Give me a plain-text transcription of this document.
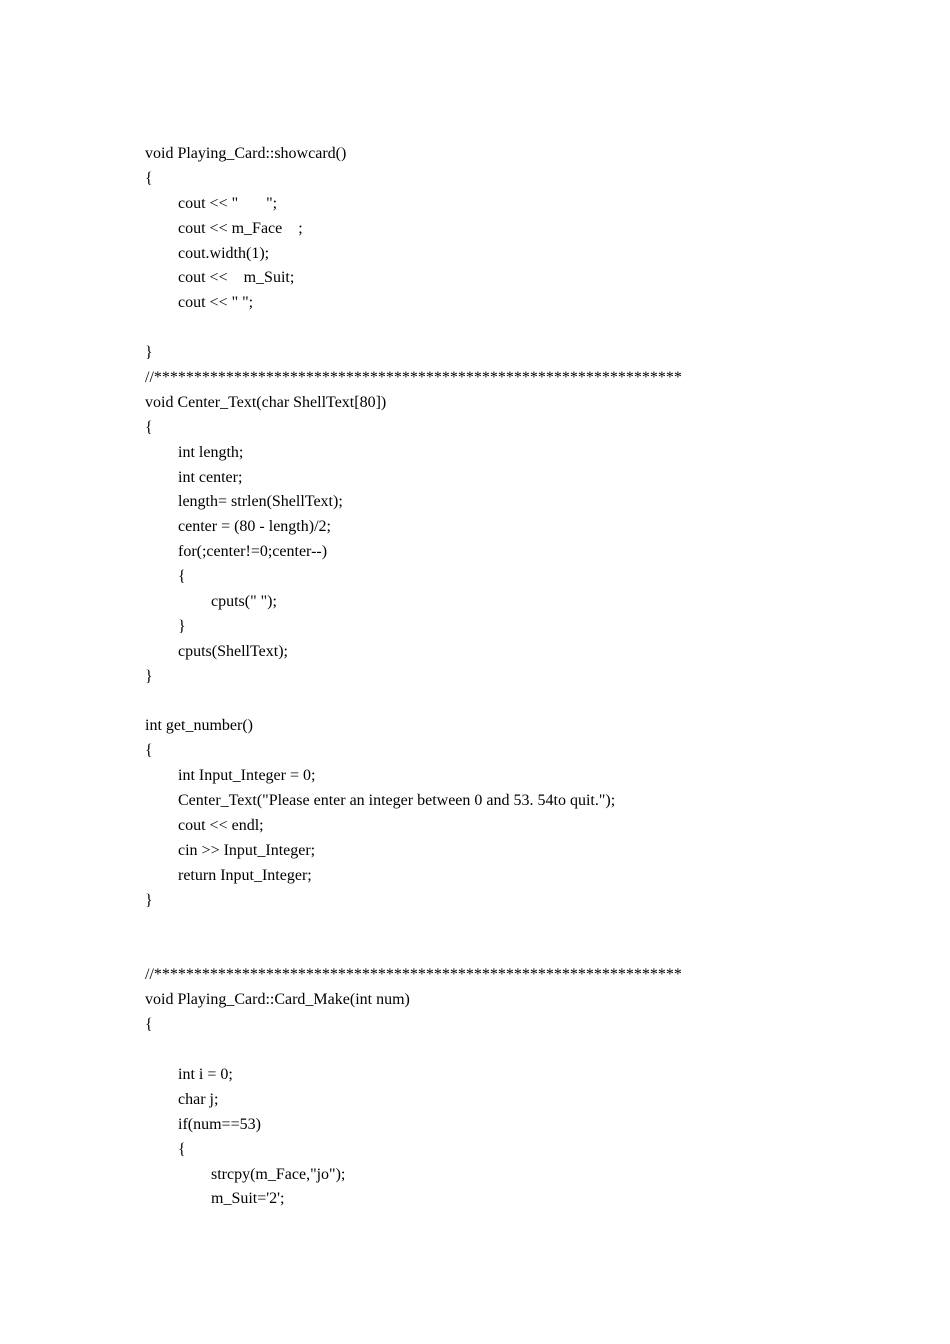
void Playing_Card::showcard()
{
cout << "       ";
cout << m_Face    ;
cout.width(1);
cout <<    m_Suit;
cout << " ";
}
//******************************************************************
void Center_Text(char ShellText[80])
{
int length;
int center;
length= strlen(ShellText);
center = (80 - length)/2;
for(;center!=0;center--)
{
cputs(" ");
}
cputs(ShellText);
}
int get_number()
{
int Input_Integer = 0;
Center_Text("Please enter an integer between 0 and 53. 54to quit.");
cout << endl;
cin >> Input_Integer;
return Input_Integer;
}
//******************************************************************
void Playing_Card::Card_Make(int num)
{
int i = 0;
char j;
if(num==53)
{
strcpy(m_Face,"jo");
m_Suit='2';
